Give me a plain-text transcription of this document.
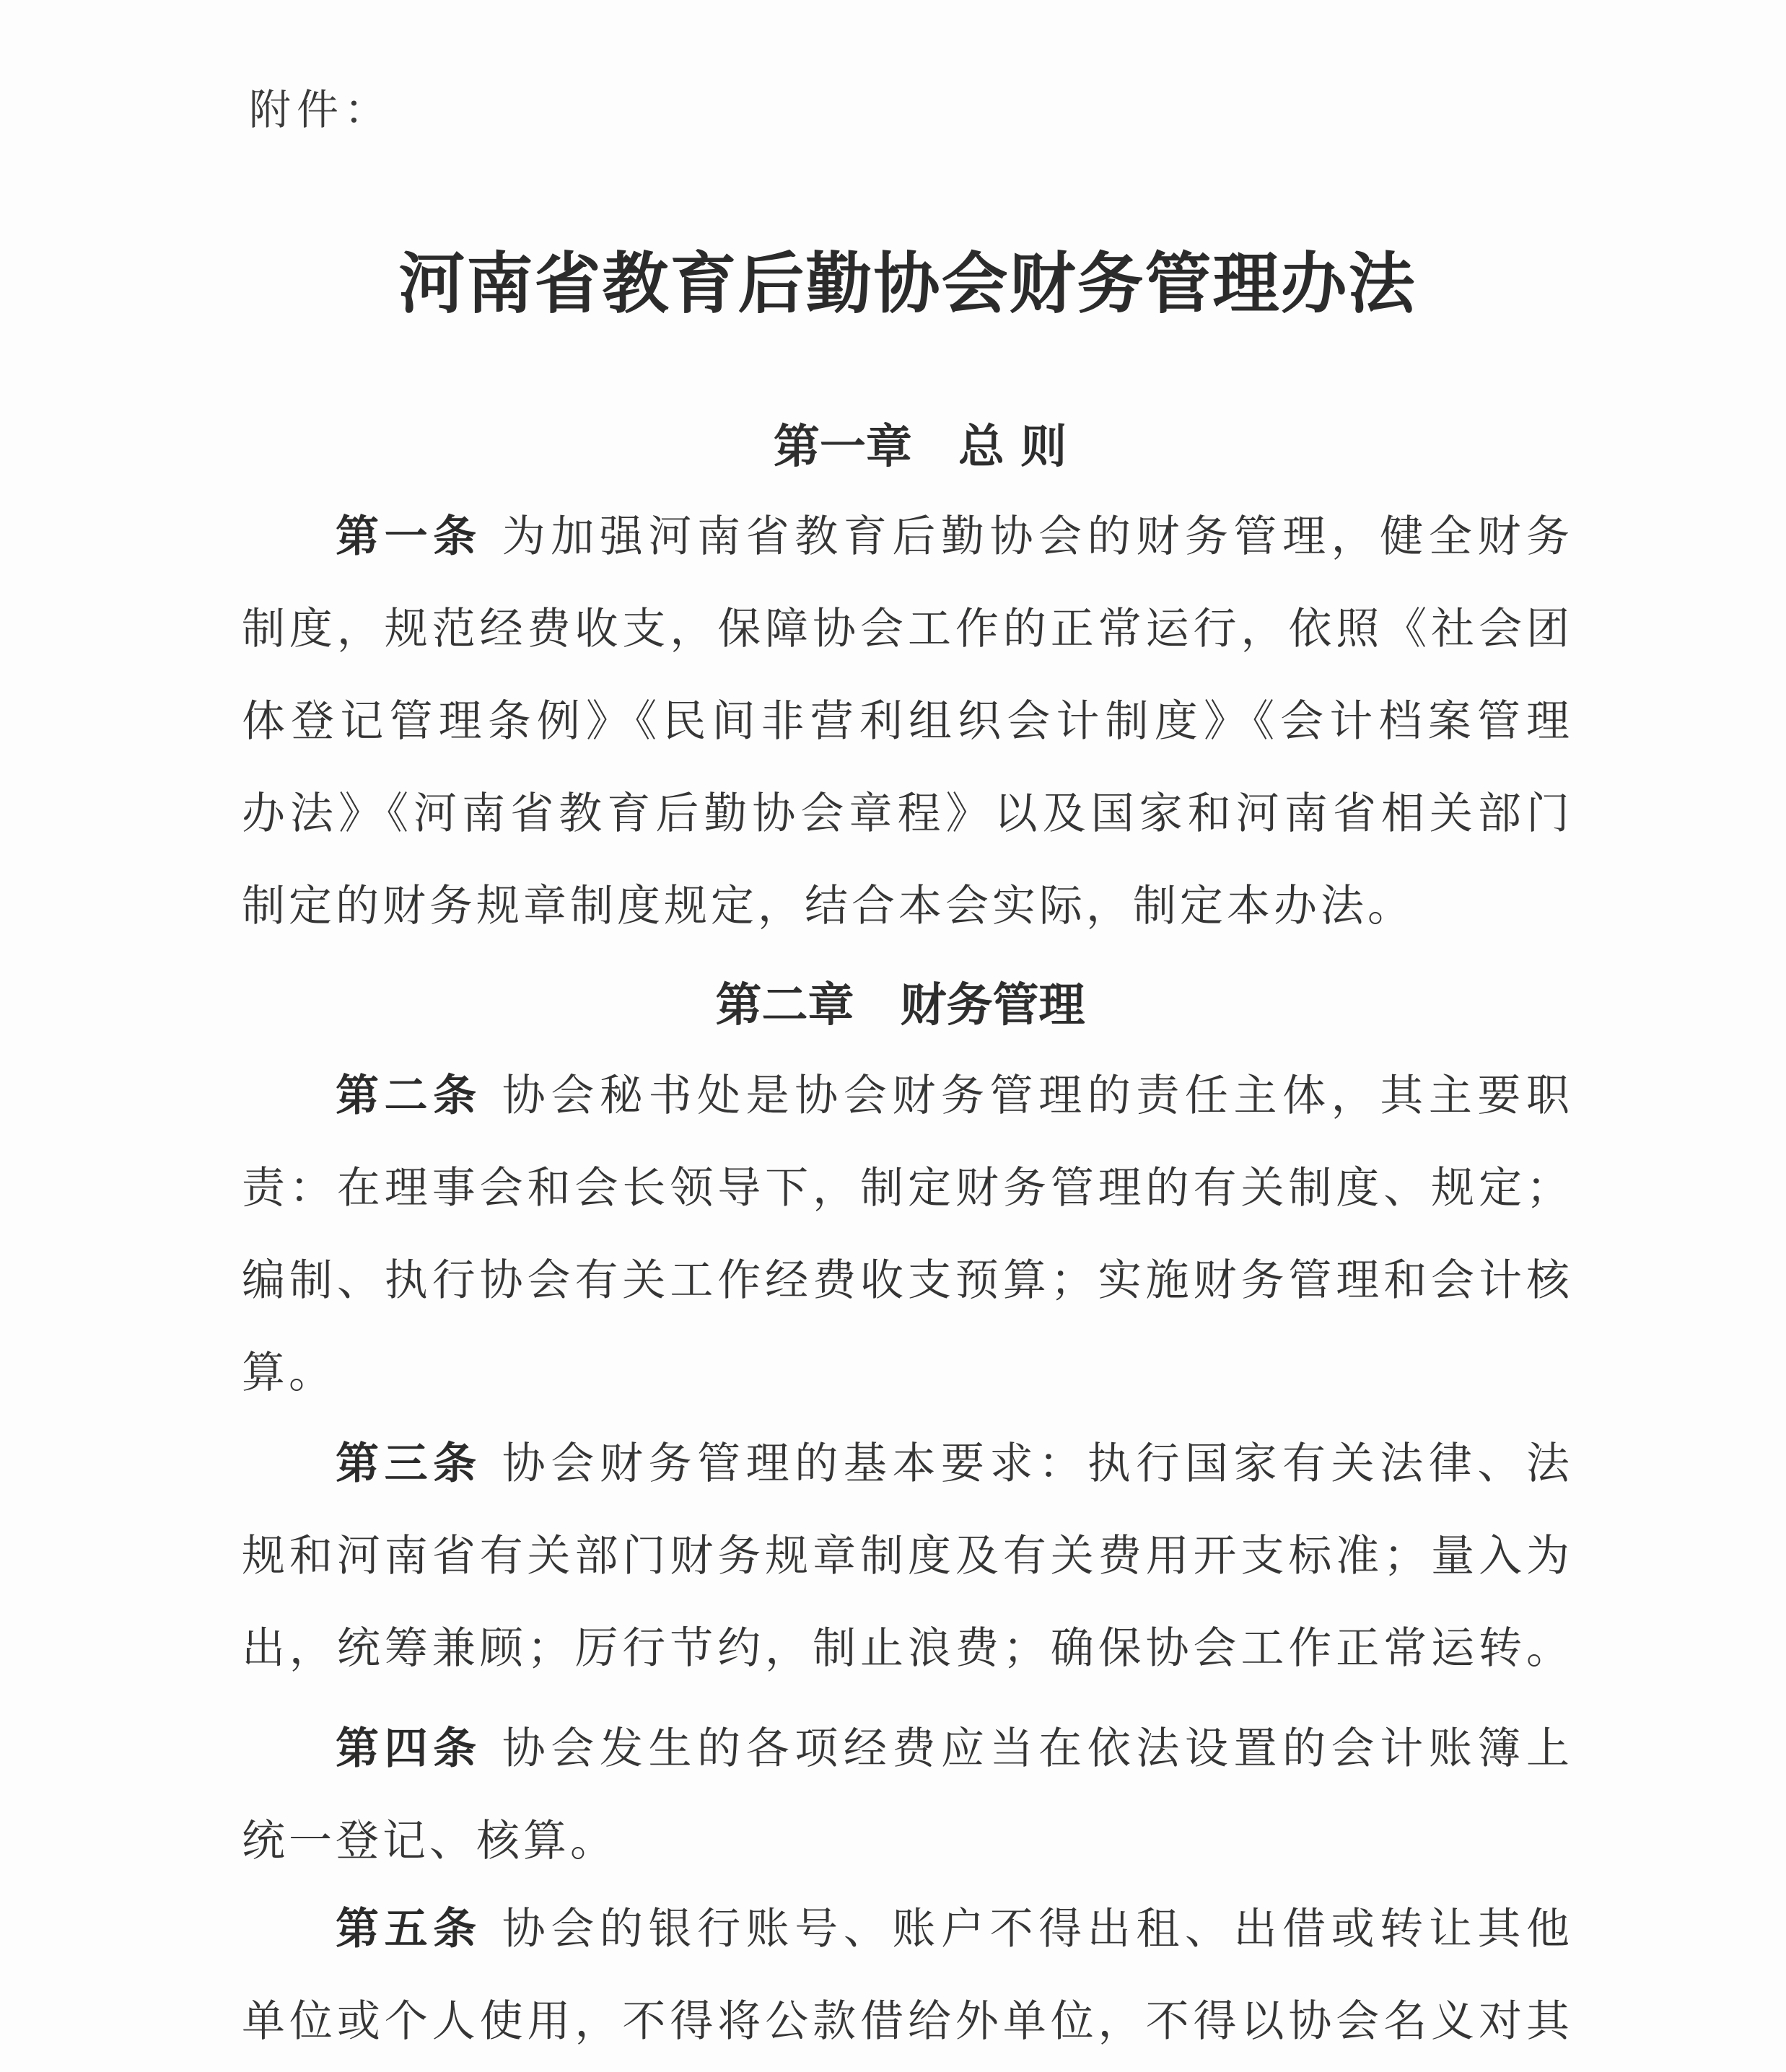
附件：
河南省教育后勤协会财务管理办法
第一章　总 则
第一条 为加强河南省教育后勤协会的财务管理，健全财务
制度，规范经费收支，保障协会工作的正常运行，依照《社会团
体登记管理条例》《民间非营利组织会计制度》《会计档案管理
办法》《河南省教育后勤协会章程》以及国家和河南省相关部门
制定的财务规章制度规定，结合本会实际，制定本办法。
第二章　财务管理
第二条 协会秘书处是协会财务管理的责任主体，其主要职
责：在理事会和会长领导下，制定财务管理的有关制度、规定；
编制、执行协会有关工作经费收支预算；实施财务管理和会计核
算。
第三条 协会财务管理的基本要求：执行国家有关法律、法
规和河南省有关部门财务规章制度及有关费用开支标准；量入为
出，统筹兼顾；厉行节约，制止浪费；确保协会工作正常运转。
第四条 协会发生的各项经费应当在依法设置的会计账簿上
统一登记、核算。
第五条 协会的银行账号、账户不得出租、出借或转让其他
单位或个人使用，不得将公款借给外单位，不得以协会名义对其
